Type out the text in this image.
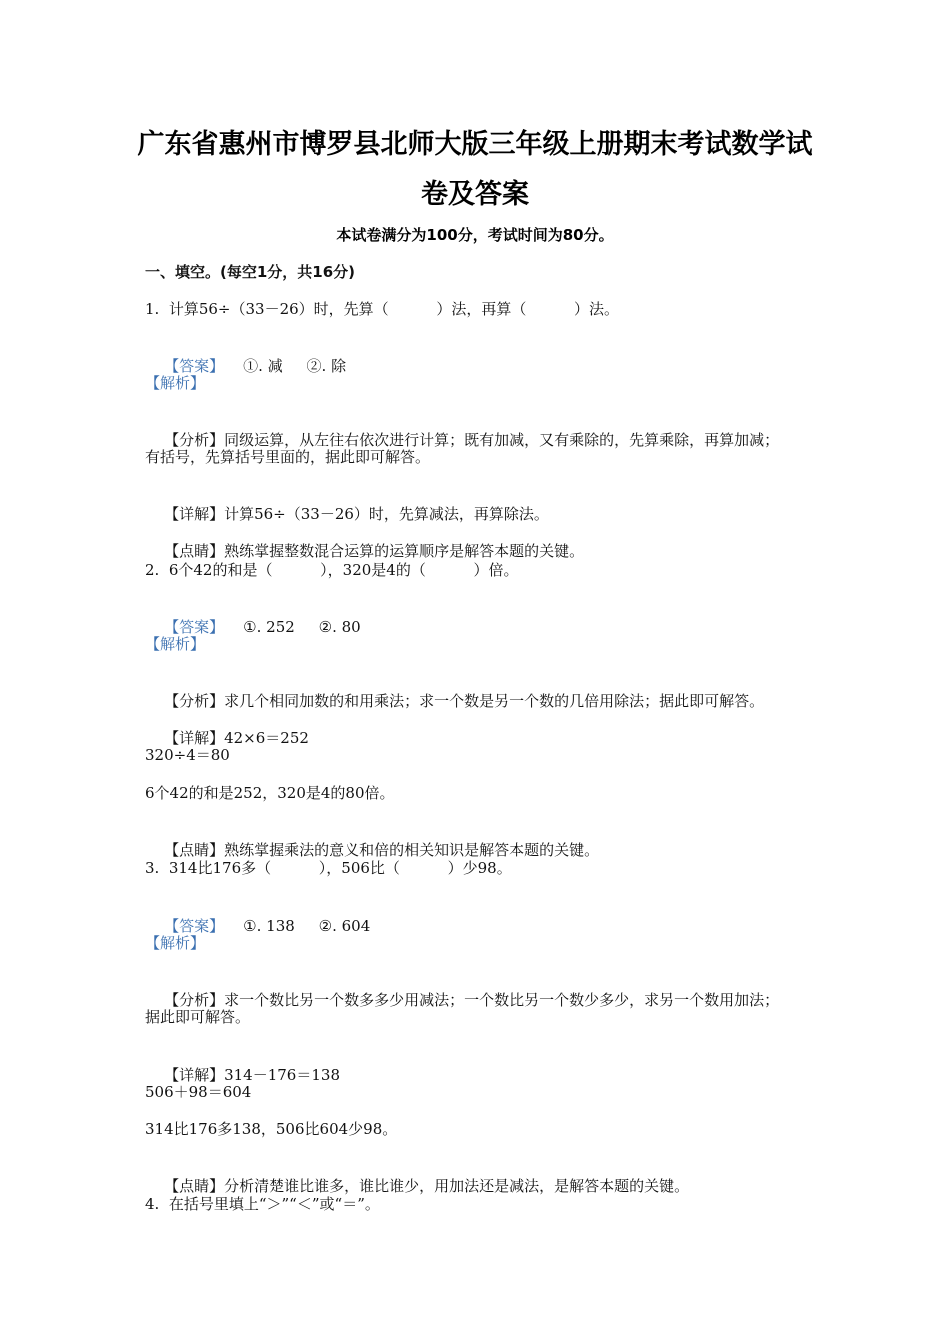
广东省惠州市博罗县北师大版三年级上册期末考试数学试
卷及答案
本试卷满分为100分，考试时间为80分。
一、填空。(每空1分，共16分)
1.  计算56÷（33－26）时，先算（          ）法，再算（          ）法。

【答案】 ①. 减     ②. 除

【解析】

【分析】同级运算，从左往右依次进行计算；既有加减，又有乘除的，先算乘除，再算加减；

有括号，先算括号里面的，据此即可解答。

【详解】计算56÷（33－26）时，先算减法，再算除法。

【点睛】熟练掌握整数混合运算的运算顺序是解答本题的关键。

2.  6个42的和是（          ），320是4的（          ）倍。

【答案】 ①. 252     ②. 80

【解析】

【分析】求几个相同加数的和用乘法；求一个数是另一个数的几倍用除法；据此即可解答。

【详解】42×6＝252

320÷4＝80
6个42的和是252，320是4的80倍。

【点睛】熟练掌握乘法的意义和倍的相关知识是解答本题的关键。

3.  314比176多（          ），506比（          ）少98。

【答案】 ①. 138     ②. 604

【解析】

【分析】求一个数比另一个数多多少用减法；一个数比另一个数少多少，求另一个数用加法；

据此即可解答。

【详解】314－176＝138

506＋98＝604
314比176多138，506比604少98。

【点睛】分析清楚谁比谁多，谁比谁少，用加法还是减法，是解答本题的关键。

4.  在括号里填上“＞”“＜”或“＝”。
